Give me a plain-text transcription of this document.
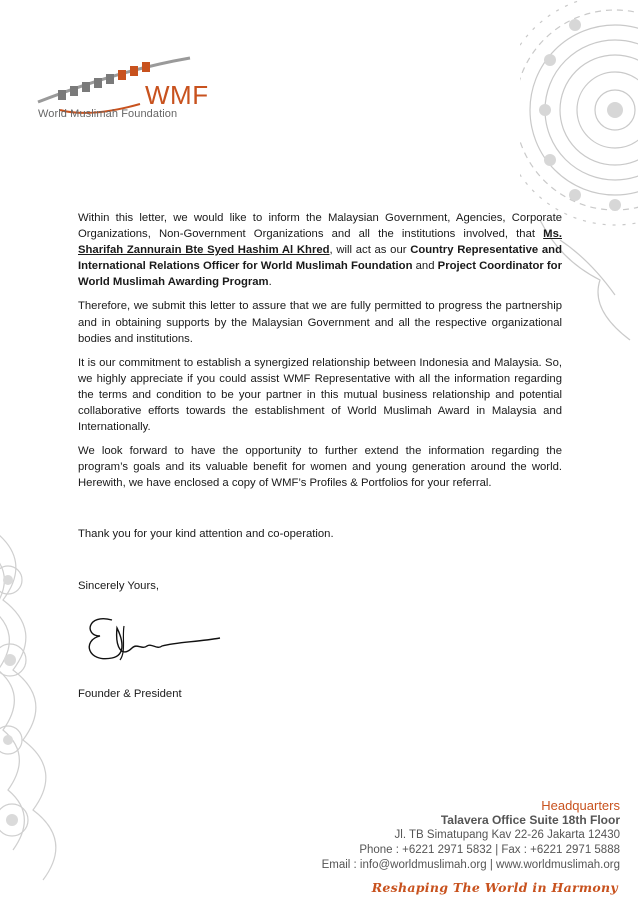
WMF
World Muslimah Foundation

Within this letter, we would like to inform the Malaysian Government, Agencies, Corporate Organizations, Non-Government Organizations and all the institutions involved, that Ms. Sharifah Zannurain Bte Syed Hashim Al Khred, will act as our Country Representative and International Relations Officer for World Muslimah Foundation and Project Coordinator for World Muslimah Awarding Program.

Therefore, we submit this letter to assure that we are fully permitted to progress the partnership and in obtaining supports by the Malaysian Government and all the respective organizational bodies and institutions.

It is our commitment to establish a synergized relationship between Indonesia and Malaysia. So, we highly appreciate if you could assist WMF Representative with all the information regarding the terms and condition to be your partner in this mutual business relationship and potential collaborative efforts towards the establishment of World Muslimah Award in Malaysia and Internationally.

We look forward to have the opportunity to further extend the information regarding the program’s goals and its valuable benefit for women and young generation around the world. Herewith, we have enclosed a copy of WMF’s Profiles & Portfolios for your referral.

Thank you for your kind attention and co-operation.
Sincerely Yours,
Founder & President
Headquarters
Talavera Office Suite 18th Floor
Jl. TB Simatupang Kav 22-26 Jakarta 12430
Phone : +6221 2971 5832 | Fax : +6221 2971 5888
Email : info@worldmuslimah.org | www.worldmuslimah.org
Reshaping The World in Harmony
